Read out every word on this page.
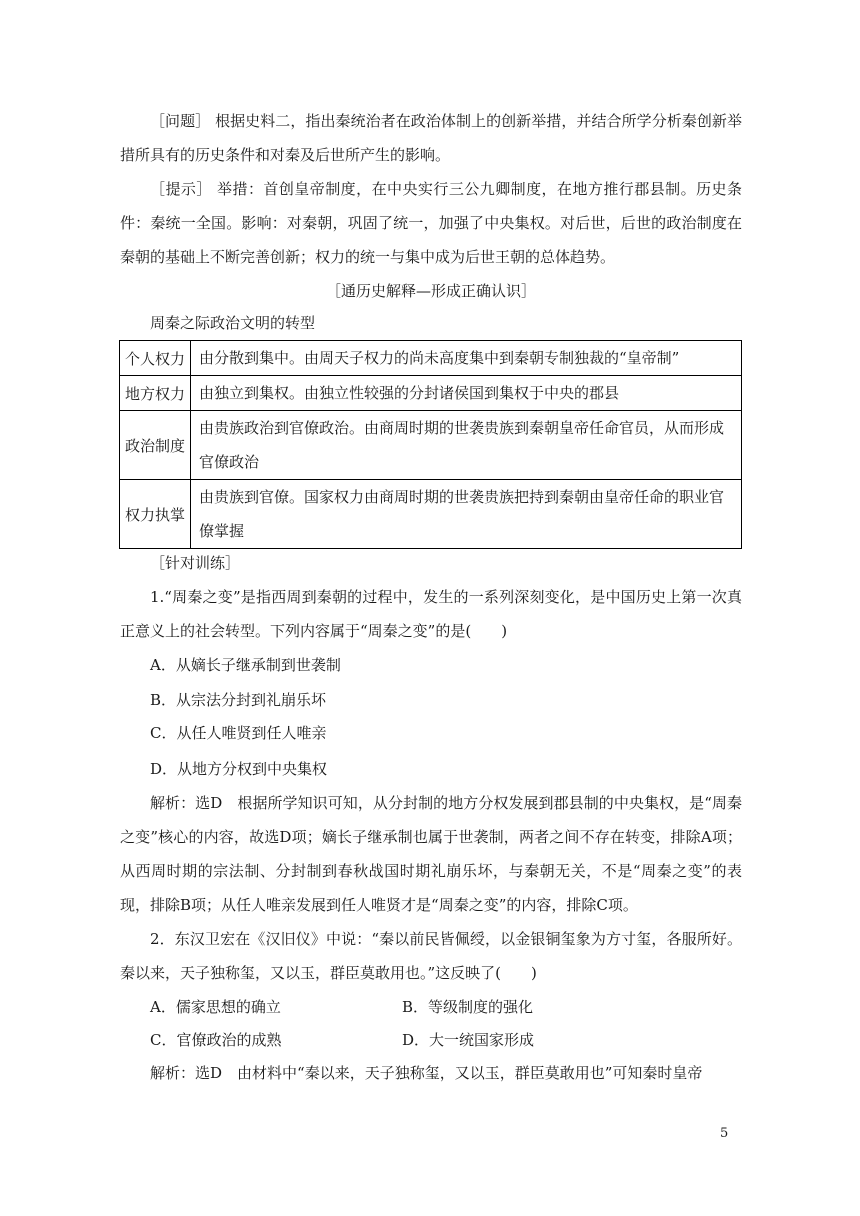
［问题］ 根据史料二，指出秦统治者在政治体制上的创新举措，并结合所学分析秦创新举措所具有的历史条件和对秦及后世所产生的影响。

［提示］ 举措：首创皇帝制度，在中央实行三公九卿制度，在地方推行郡县制。历史条件：秦统一全国。影响：对秦朝，巩固了统一，加强了中央集权。对后世，后世的政治制度在秦朝的基础上不断完善创新；权力的统一与集中成为后世王朝的总体趋势。

［通历史解释—形成正确认识］

周秦之际政治文明的转型

个人权力	由分散到集中。由周天子权力的尚未高度集中到秦朝专制独裁的“皇帝制”
地方权力	由独立到集权。由独立性较强的分封诸侯国到集权于中央的郡县
政治制度	由贵族政治到官僚政治。由商周时期的世袭贵族到秦朝皇帝任命官员，从而形成官僚政治
权力执掌	由贵族到官僚。国家权力由商周时期的世袭贵族把持到秦朝由皇帝任命的职业官僚掌握

［针对训练］

1.“周秦之变”是指西周到秦朝的过程中，发生的一系列深刻变化，是中国历史上第一次真正意义上的社会转型。下列内容属于“周秦之变”的是(　　)

A．从嫡长子继承制到世袭制
B．从宗法分封到礼崩乐坏
C．从任人唯贤到任人唯亲
D．从地方分权到中央集权

解析：选D　根据所学知识可知，从分封制的地方分权发展到郡县制的中央集权，是“周秦之变”核心的内容，故选D项；嫡长子继承制也属于世袭制，两者之间不存在转变，排除A项；从西周时期的宗法制、分封制到春秋战国时期礼崩乐坏，与秦朝无关，不是“周秦之变”的表现，排除B项；从任人唯亲发展到任人唯贤才是“周秦之变”的内容，排除C项。

2．东汉卫宏在《汉旧仪》中说：“秦以前民皆佩绶，以金银铜玺象为方寸玺，各服所好。秦以来，天子独称玺，又以玉，群臣莫敢用也。”这反映了(　　)

A．儒家思想的确立	B．等级制度的强化
C．官僚政治的成熟	D．大一统国家形成

解析：选D　由材料中“秦以来，天子独称玺，又以玉，群臣莫敢用也”可知秦时皇帝

5
